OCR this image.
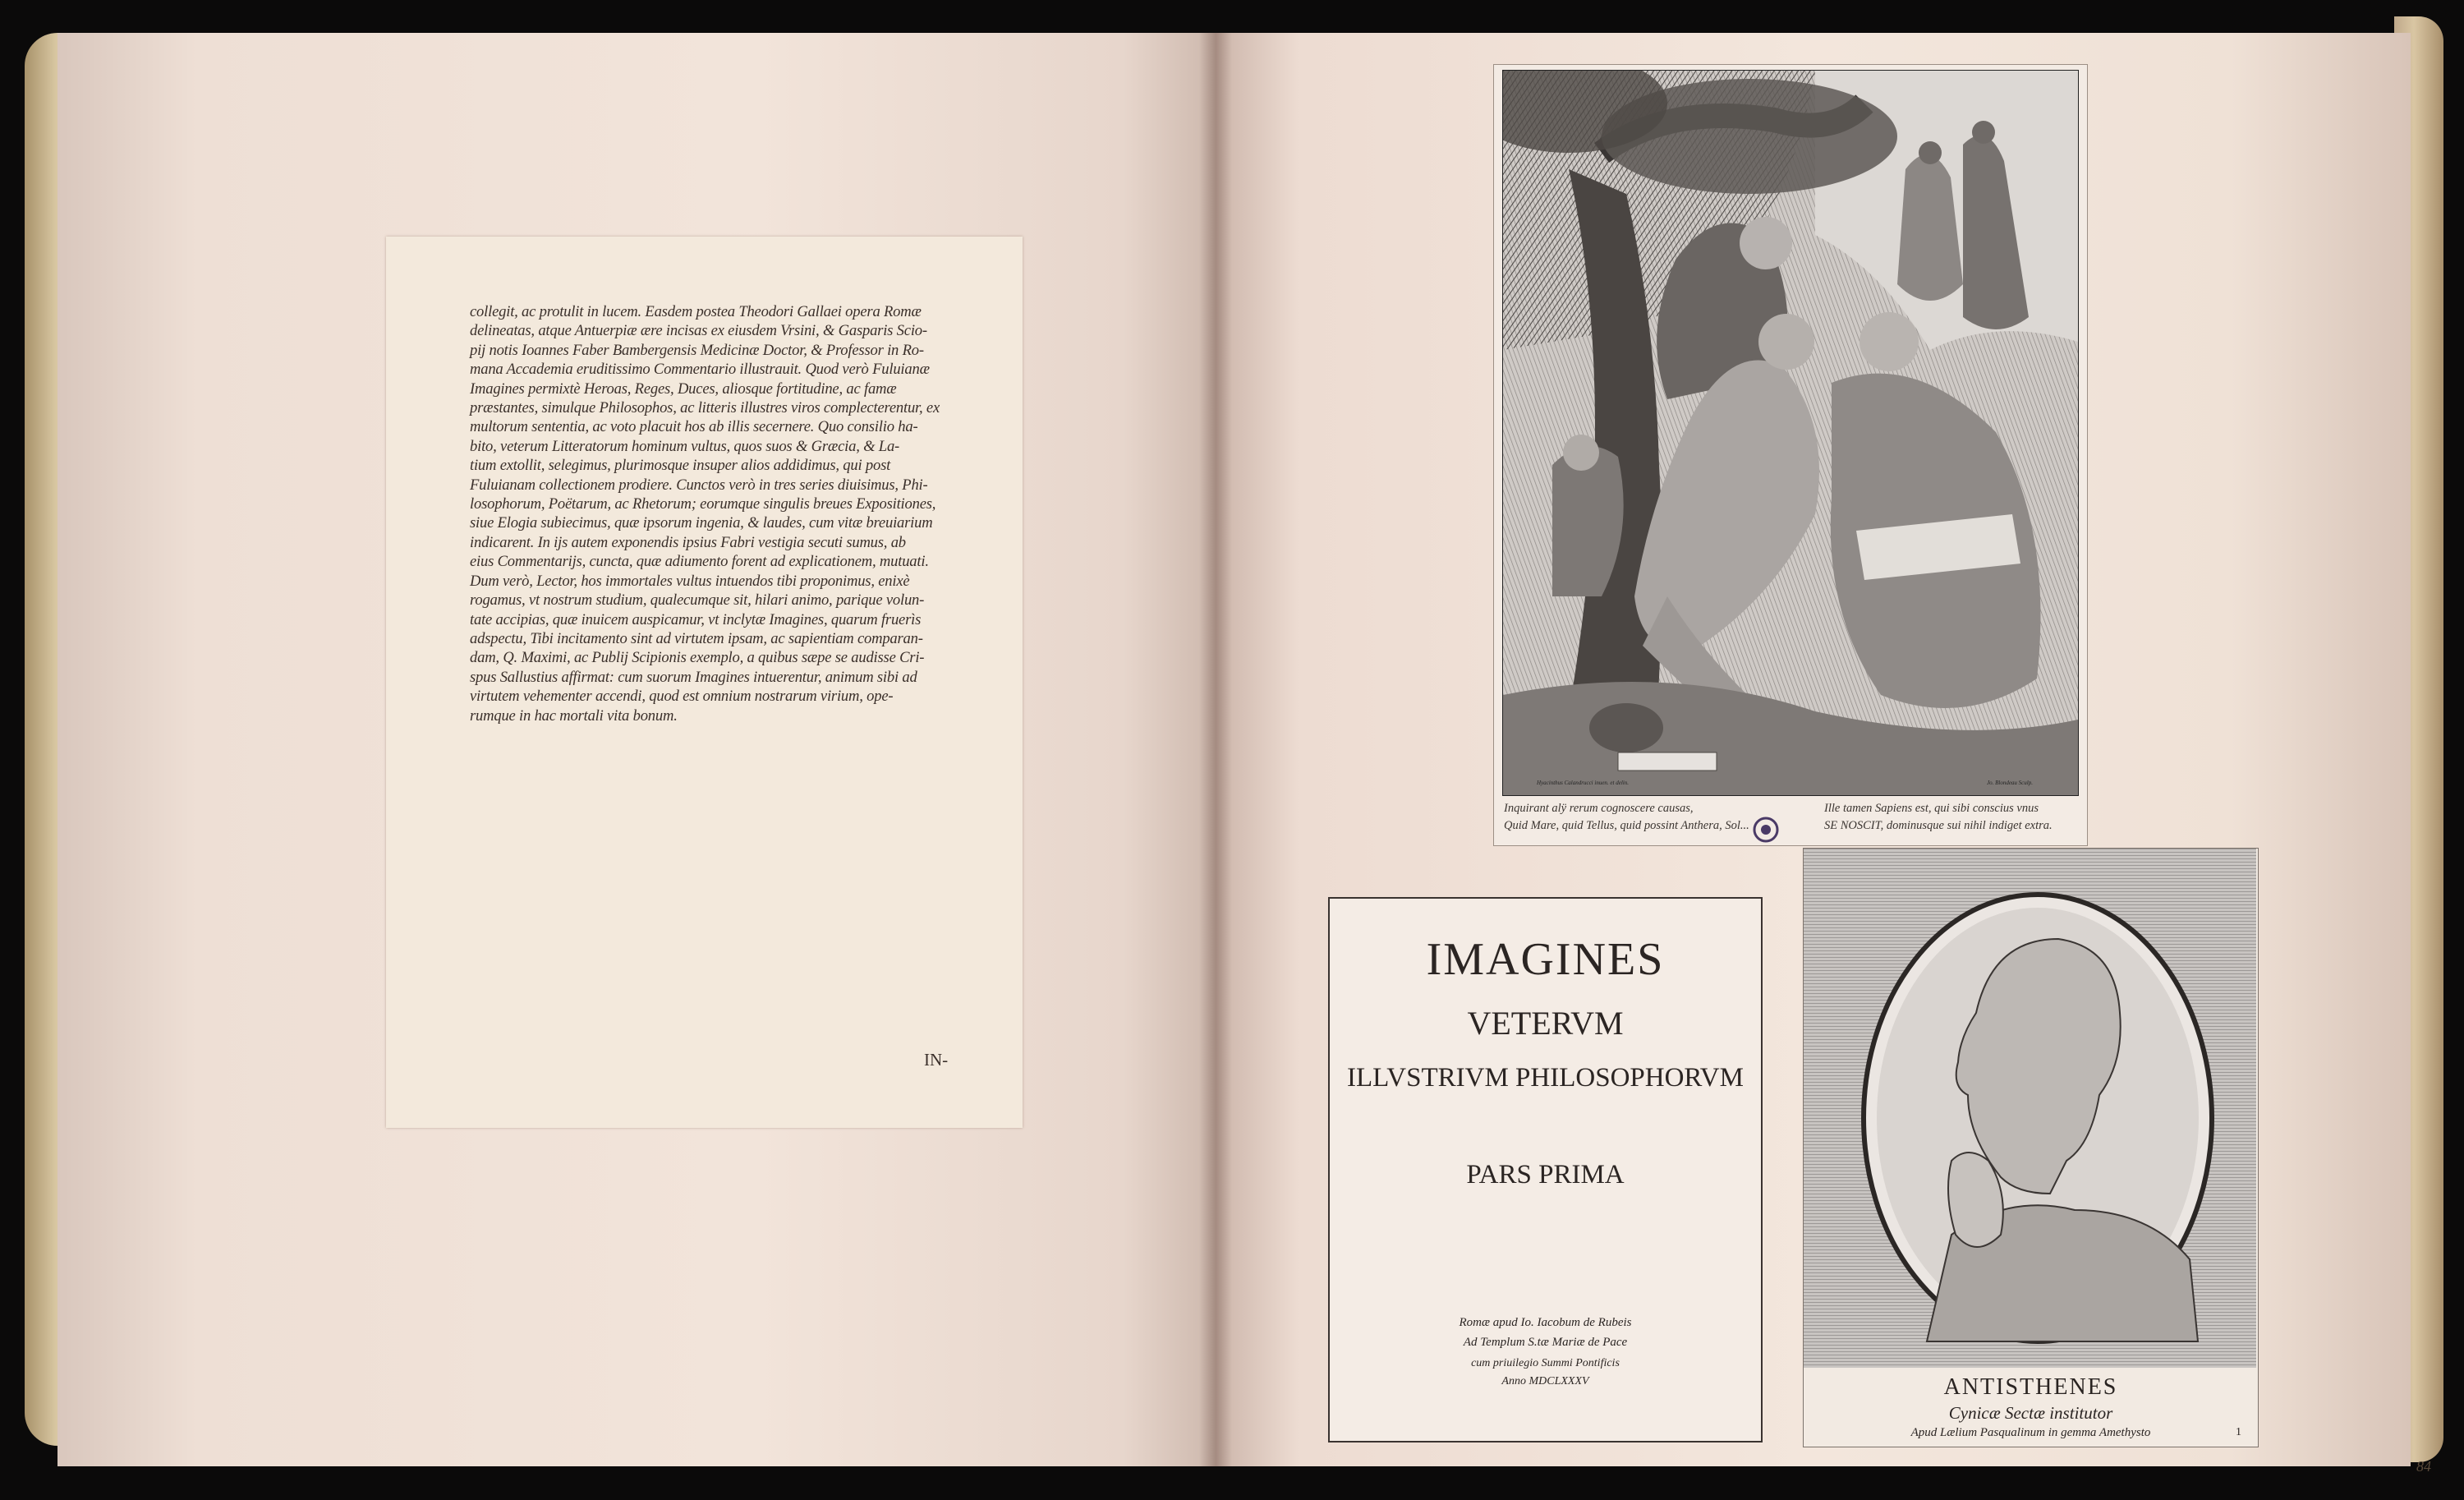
collegit, ac protulit in lucem. Easdem postea Theodori Gallaei opera Romæ
delineatas, atque Antuerpiæ ære incisas ex eiusdem Vrsini, & Gasparis Scio-
pij notis Ioannes Faber Bambergensis Medicinæ Doctor, & Professor in Ro-
mana Accademia eruditissimo Commentario illustrauit. Quod verò Fuluianæ
Imagines permixtè Heroas, Reges, Duces, aliosque fortitudine, ac famæ
præstantes, simulque Philosophos, ac litteris illustres viros complecterentur, ex
multorum sententia, ac voto placuit hos ab illis secernere. Quo consilio ha-
bito, veterum Litteratorum hominum vultus, quos suos & Græcia, & La-
tium extollit, selegimus, plurimosque insuper alios addidimus, qui post
Fuluianam collectionem prodiere. Cunctos verò in tres series diuisimus, Phi-
losophorum, Poëtarum, ac Rhetorum; eorumque singulis breues Expositiones,
siue Elogia subiecimus, quæ ipsorum ingenia, & laudes, cum vitæ breuiarium
indicarent. In ijs autem exponendis ipsius Fabri vestigia secuti sumus, ab
eius Commentarijs, cuncta, quæ adiumento forent ad explicationem, mutuati.
Dum verò, Lector, hos immortales vultus intuendos tibi proponimus, enixè
rogamus, vt nostrum studium, qualecumque sit, hilari animo, parique volun-
tate accipias, quæ inuicem auspicamur, vt inclytæ Imagines, quarum fruerìs
adspectu, Tibi incitamento sint ad virtutem ipsam, ac sapientiam comparan-
dam, Q. Maximi, ac Publij Scipionis exemplo, a quibus sæpe se audisse Cri-
spus Sallustius affirmat: cum suorum Imagines intuerentur, animum sibi ad
virtutem vehementer accendi, quod est omnium nostrarum virium, ope-
rumque in hac mortali vita bonum.
IN-
Hyacinthus Calandrucci inuen. et delin.	Jo. Blondeau Sculp.
Inquirant alÿ rerum cognoscere causas,
Quid Mare, quid Tellus, quid possint Anthera, Sol...
Ille tamen Sapiens est, qui sibi conscius vnus
SE NOSCIT, dominusque sui nihil indiget extra.
IMAGINES
VETERVM
ILLVSTRIVM PHILOSOPHORVM
PARS PRIMA
Romæ apud Io. Iacobum de Rubeis
Ad Templum S.tæ Mariæ de Pace
cum priuilegio Summi Pontificis
Anno MDCLXXXV	ANTISTHENES
Cynicæ Sectæ institutor
Apud Lælium Pasqualinum in gemma Amethysto	1
84
